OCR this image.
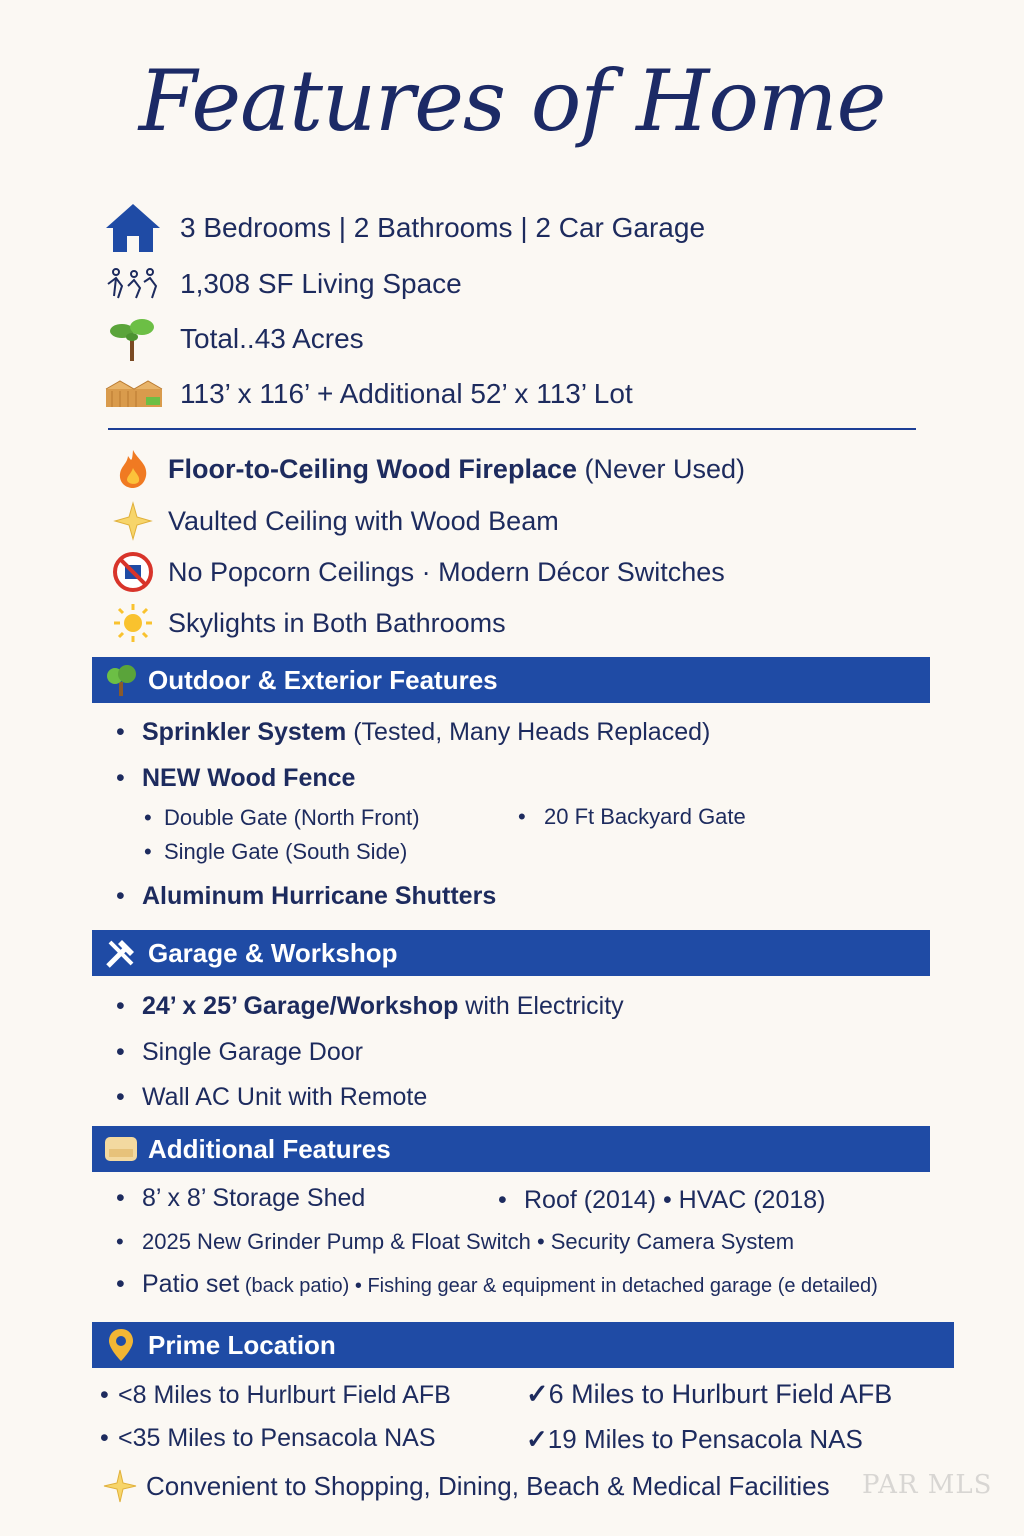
Features of Home
3 Bedrooms | 2 Bathrooms | 2 Car Garage
1,308 SF Living Space
Total..43 Acres
113’ x 116’ + Additional 52’ x 113’ Lot
Floor-to-Ceiling Wood Fireplace (Never Used)
Vaulted Ceiling with Wood Beam
No Popcorn Ceilings · Modern Décor Switches
Skylights in Both Bathrooms
Outdoor & Exterior Features
• Sprinkler System (Tested, Many Heads Replaced)
• NEW Wood Fence
• Double Gate (North Front)
• Single Gate (South Side)
• 20 Ft Backyard Gate
• Aluminum Hurricane Shutters
Garage & Workshop
• 24’ x 25’ Garage/Workshop with Electricity
• Single Garage Door
• Wall AC Unit with Remote
Additional Features
• 8’ x 8’ Storage Shed	• Roof (2014) • HVAC (2018)
• 2025 New Grinder Pump & Float Switch • Security Camera System
• Patio set (back patio) • Fishing gear & equipment in detached garage (e detailed)
Prime Location
• <8 Miles to Hurlburt Field AFB
• <35 Miles to Pensacola NAS
✓6 Miles to Hurlburt Field AFB
✓19 Miles to Pensacola NAS
Convenient to Shopping, Dining, Beach & Medical Facilities PAR MLS
